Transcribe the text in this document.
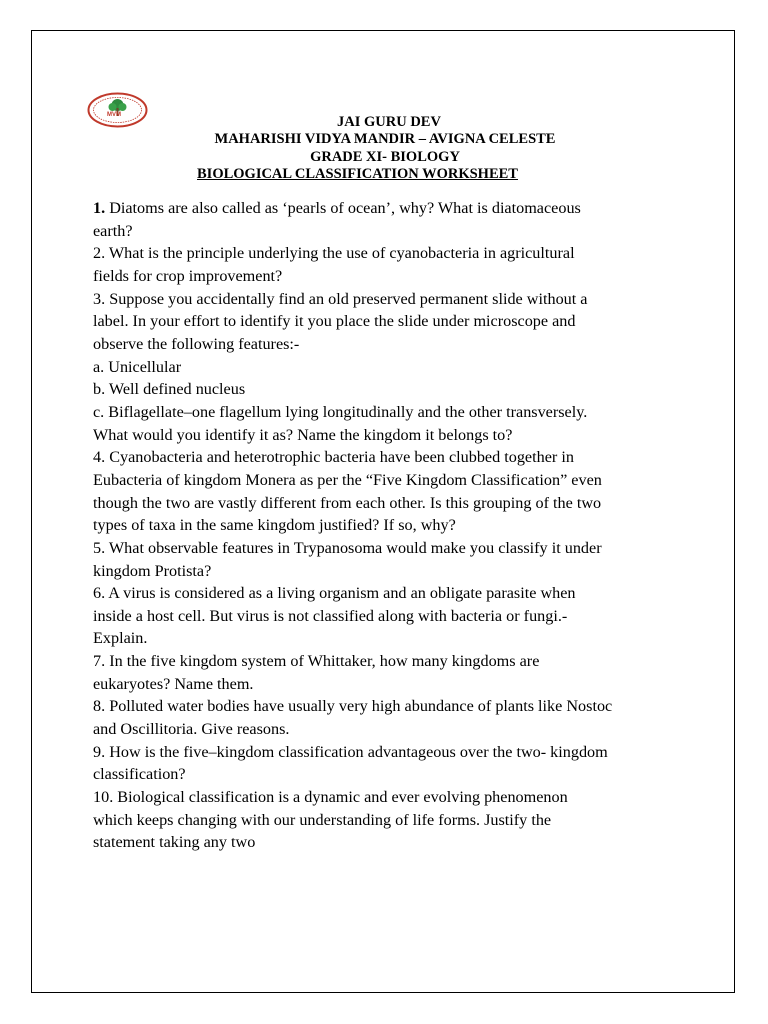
MVM	JAI GURU DEV
MAHARISHI VIDYA MANDIR – AVIGNA CELESTE
GRADE XI- BIOLOGY
BIOLOGICAL CLASSIFICATION WORKSHEET

1. Diatoms are also called as ‘pearls of ocean’, why? What is diatomaceous

earth?

2. What is the principle underlying the use of cyanobacteria in agricultural

fields for crop improvement?

3. Suppose you accidentally find an old preserved permanent slide without a

label. In your effort to identify it you place the slide under microscope and

observe the following features:-

a. Unicellular

b. Well defined nucleus

c. Biflagellate–one flagellum lying longitudinally and the other transversely.

What would you identify it as? Name the kingdom it belongs to?

4. Cyanobacteria and heterotrophic bacteria have been clubbed together in

Eubacteria of kingdom Monera as per the “Five Kingdom Classification” even

though the two are vastly different from each other. Is this grouping of the two

types of taxa in the same kingdom justified? If so, why?

5. What observable features in Trypanosoma would make you classify it under

kingdom Protista?

6. A virus is considered as a living organism and an obligate parasite when

inside a host cell. But virus is not classified along with bacteria or fungi.-

Explain.

7. In the five kingdom system of Whittaker, how many kingdoms are

eukaryotes? Name them.

8. Polluted water bodies have usually very high abundance of plants like Nostoc

and Oscillitoria. Give reasons.

9. How is the five–kingdom classification advantageous over the two- kingdom

classification?

10. Biological classification is a dynamic and ever evolving phenomenon

which keeps changing with our understanding of life forms. Justify the

statement taking any two
